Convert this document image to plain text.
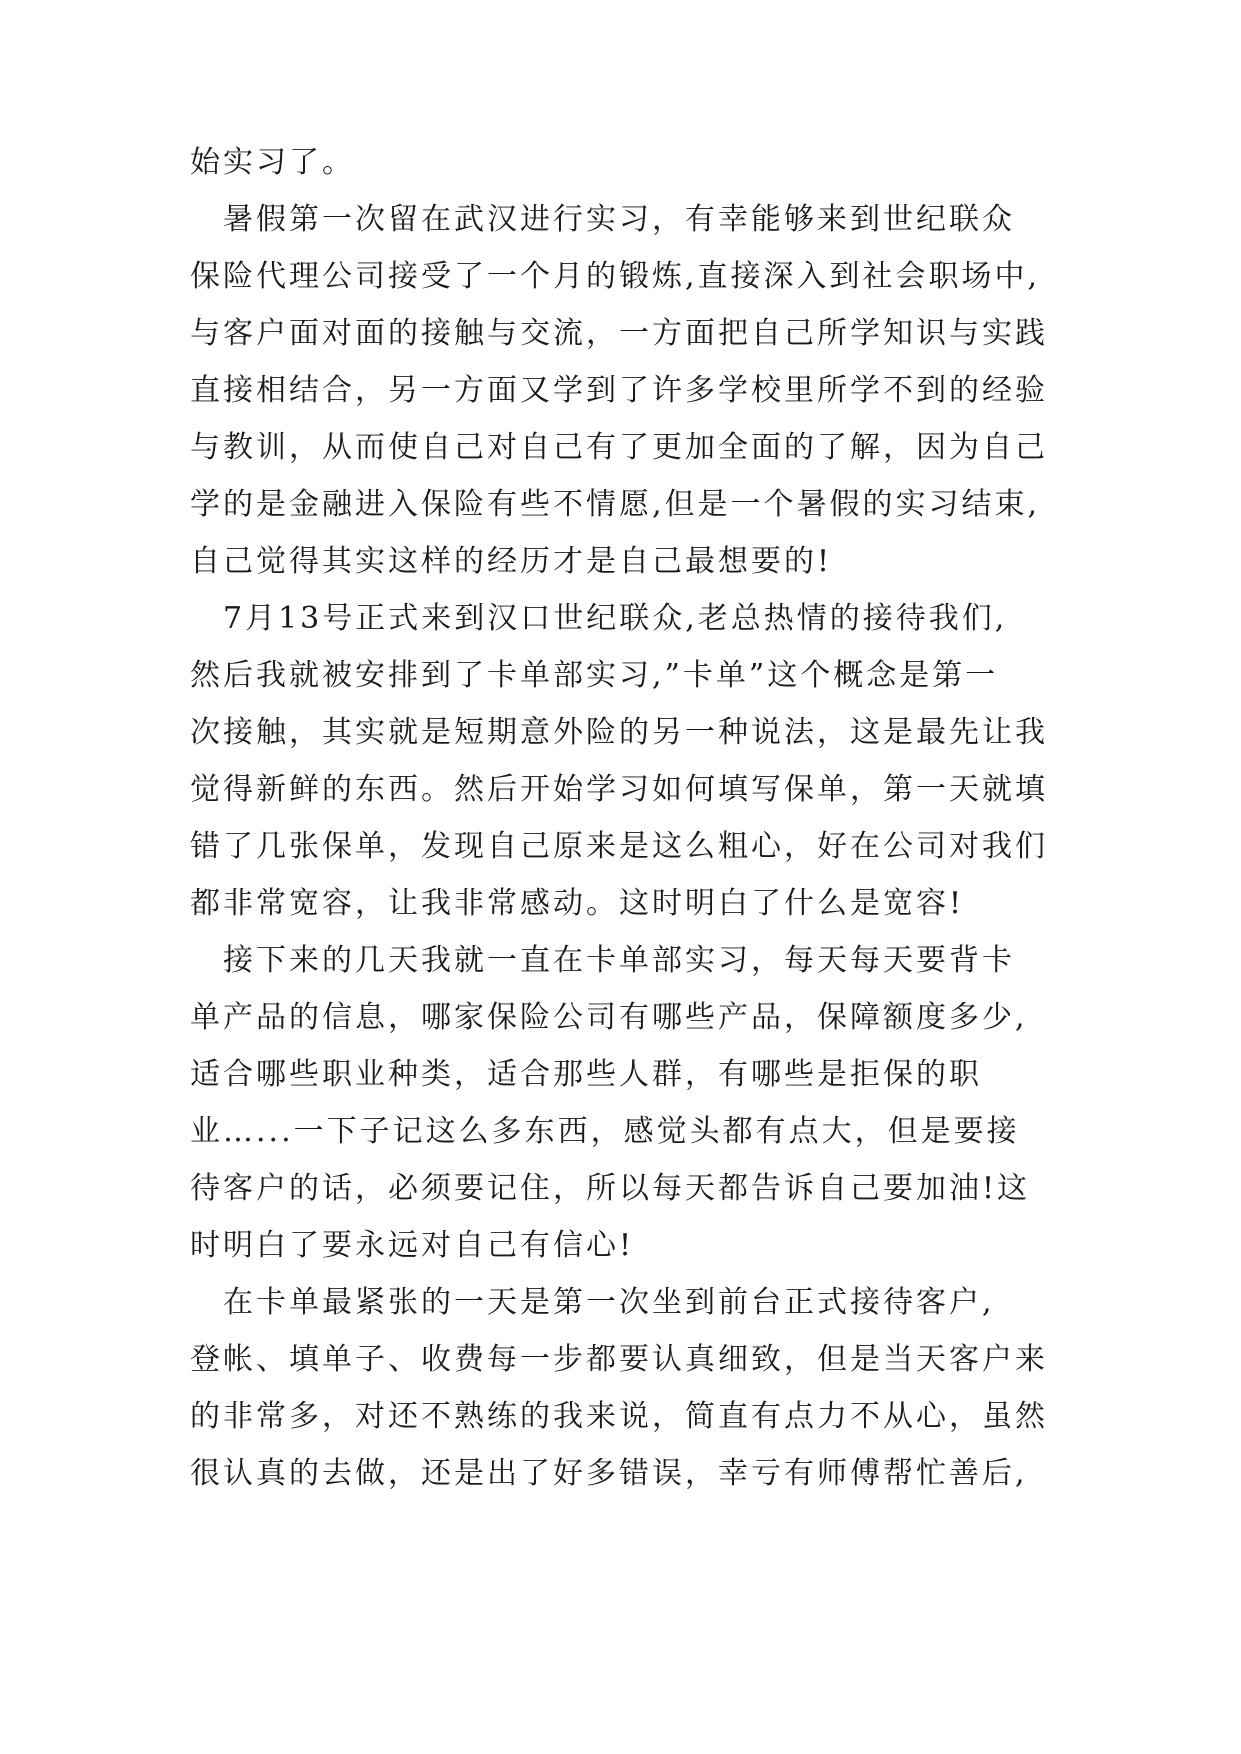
始实习了。
　暑假第一次留在武汉进行实习，有幸能够来到世纪联众
保险代理公司接受了一个月的锻炼,直接深入到社会职场中,
与客户面对面的接触与交流，一方面把自己所学知识与实践
直接相结合，另一方面又学到了许多学校里所学不到的经验
与教训，从而使自己对自己有了更加全面的了解，因为自己
学的是金融进入保险有些不情愿,但是一个暑假的实习结束,
自己觉得其实这样的经历才是自己最想要的!
　7月13号正式来到汉口世纪联众,老总热情的接待我们,
然后我就被安排到了卡单部实习,”卡单”这个概念是第一
次接触，其实就是短期意外险的另一种说法，这是最先让我
觉得新鲜的东西。然后开始学习如何填写保单，第一天就填
错了几张保单，发现自己原来是这么粗心，好在公司对我们
都非常宽容，让我非常感动。这时明白了什么是宽容!
　接下来的几天我就一直在卡单部实习，每天每天要背卡
单产品的信息，哪家保险公司有哪些产品，保障额度多少,
适合哪些职业种类，适合那些人群，有哪些是拒保的职
业…...一下子记这么多东西，感觉头都有点大，但是要接
待客户的话，必须要记住，所以每天都告诉自己要加油!这
时明白了要永远对自己有信心!
　在卡单最紧张的一天是第一次坐到前台正式接待客户,
登帐、填单子、收费每一步都要认真细致，但是当天客户来
的非常多，对还不熟练的我来说，简直有点力不从心，虽然
很认真的去做，还是出了好多错误，幸亏有师傅帮忙善后,
